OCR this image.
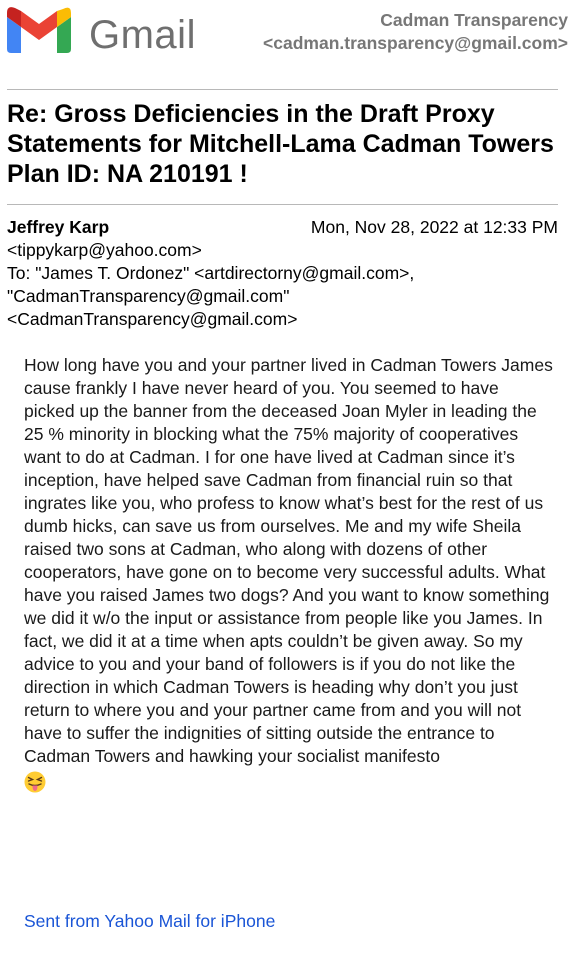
Gmail	Cadman Transparency
<cadman.transparency@gmail.com>
Re: Gross Deficiencies in the Draft Proxy Statements for Mitchell-Lama Cadman Towers Plan ID: NA 210191 !
Jeffrey Karp
<tippykarp@yahoo.com>
Mon, Nov 28, 2022 at 12:33 PM
To: "James T. Ordonez" <artdirectorny@gmail.com>, "CadmanTransparency@gmail.com" <CadmanTransparency@gmail.com>
How long have you and your partner lived in Cadman Towers James cause frankly I have never heard of you. You seemed to have picked up the banner from the deceased Joan Myler in leading the 25 % minority in blocking what the 75% majority of cooperatives want to do at Cadman. I for one have lived at Cadman since it’s inception, have helped save Cadman from financial ruin so that ingrates like you, who profess to know what’s best for the rest of us dumb hicks, can save us from ourselves. Me and my wife Sheila raised two sons at Cadman, who along with dozens of other cooperators, have gone on to become very successful adults. What have you raised James two dogs? And you want to know something we did it w/o the input or assistance from people like you James. In fact, we did it at a time when apts couldn’t be given away. So my advice to you and your band of followers is if you do not like the direction in which Cadman Towers is heading why don’t you just return to where you and your partner came from and you will not have to suffer the indignities of sitting outside the entrance to Cadman Towers and hawking your socialist manifesto

Sent from Yahoo Mail for iPhone
